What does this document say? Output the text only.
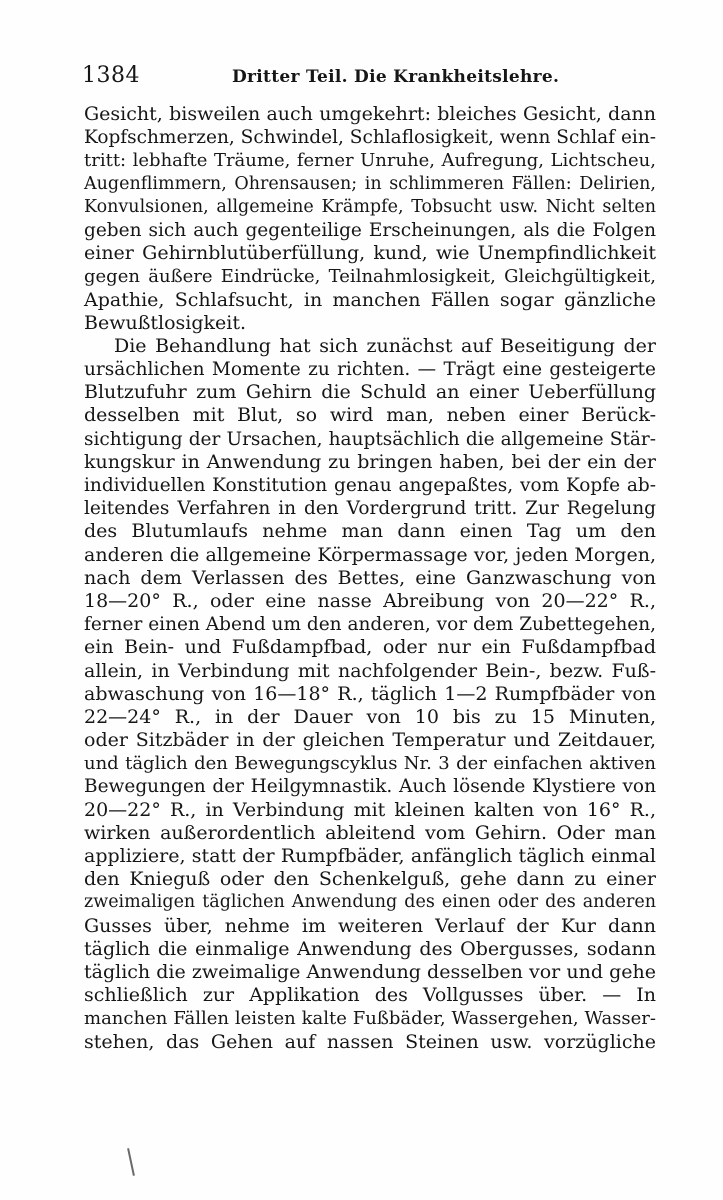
1384	Dritter Teil. Die Krankheitslehre.
Gesicht, bisweilen auch umgekehrt: bleiches Gesicht, dann
Kopfschmerzen, Schwindel, Schlaflosigkeit, wenn Schlaf ein-
tritt: lebhafte Träume, ferner Unruhe, Aufregung, Lichtscheu,
Augenflimmern, Ohrensausen; in schlimmeren Fällen: Delirien,
Konvulsionen, allgemeine Krämpfe, Tobsucht usw. Nicht selten
geben sich auch gegenteilige Erscheinungen, als die Folgen
einer Gehirnblutüberfüllung, kund, wie Unempfindlichkeit
gegen äußere Eindrücke, Teilnahmlosigkeit, Gleichgültigkeit,
Apathie, Schlafsucht, in manchen Fällen sogar gänzliche
Bewußtlosigkeit.
Die Behandlung hat sich zunächst auf Beseitigung der
ursächlichen Momente zu richten. — Trägt eine gesteigerte
Blutzufuhr zum Gehirn die Schuld an einer Ueberfüllung
desselben mit Blut, so wird man, neben einer Berück-
sichtigung der Ursachen, hauptsächlich die allgemeine Stär-
kungskur in Anwendung zu bringen haben, bei der ein der
individuellen Konstitution genau angepaßtes, vom Kopfe ab-
leitendes Verfahren in den Vordergrund tritt. Zur Regelung
des Blutumlaufs nehme man dann einen Tag um den
anderen die allgemeine Körpermassage vor, jeden Morgen,
nach dem Verlassen des Bettes, eine Ganzwaschung von
18—20° R., oder eine nasse Abreibung von 20—22° R.,
ferner einen Abend um den anderen, vor dem Zubettegehen,
ein Bein- und Fußdampfbad, oder nur ein Fußdampfbad
allein, in Verbindung mit nachfolgender Bein-, bezw. Fuß-
abwaschung von 16—18° R., täglich 1—2 Rumpfbäder von
22—24° R., in der Dauer von 10 bis zu 15 Minuten,
oder Sitzbäder in der gleichen Temperatur und Zeitdauer,
und täglich den Bewegungscyklus Nr. 3 der einfachen aktiven
Bewegungen der Heilgymnastik. Auch lösende Klystiere von
20—22° R., in Verbindung mit kleinen kalten von 16° R.,
wirken außerordentlich ableitend vom Gehirn. Oder man
appliziere, statt der Rumpfbäder, anfänglich täglich einmal
den Knieguß oder den Schenkelguß, gehe dann zu einer
zweimaligen täglichen Anwendung des einen oder des anderen
Gusses über, nehme im weiteren Verlauf der Kur dann
täglich die einmalige Anwendung des Obergusses, sodann
täglich die zweimalige Anwendung desselben vor und gehe
schließlich zur Applikation des Vollgusses über. — In
manchen Fällen leisten kalte Fußbäder, Wassergehen, Wasser-
stehen, das Gehen auf nassen Steinen usw. vorzügliche
